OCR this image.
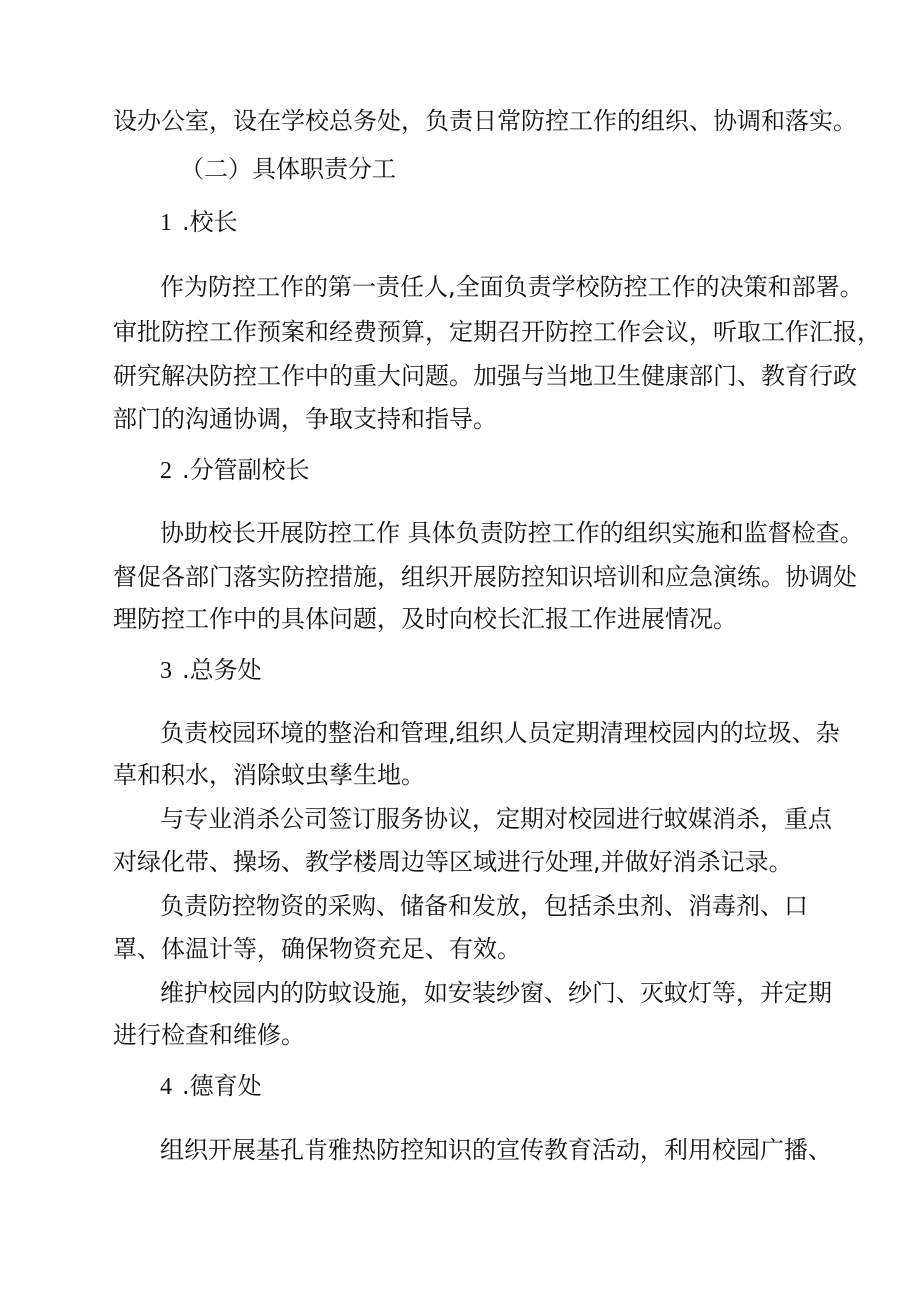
设办公室，设在学校总务处，负责日常防控工作的组织、协调和落实。
（二）具体职责分工
1 .校长
作为防控工作的第一责任人,全面负责学校防控工作的决策和部署。
审批防控工作预案和经费预算，定期召开防控工作会议，听取工作汇报，
研究解决防控工作中的重大问题。加强与当地卫生健康部门、教育行政
部门的沟通协调，争取支持和指导。
2 .分管副校长
协助校长开展防控工作 具体负责防控工作的组织实施和监督检查。
督促各部门落实防控措施，组织开展防控知识培训和应急演练。协调处
理防控工作中的具体问题，及时向校长汇报工作进展情况。
3 .总务处
负责校园环境的整治和管理,组织人员定期清理校园内的垃圾、杂
草和积水，消除蚊虫孳生地。
与专业消杀公司签订服务协议，定期对校园进行蚊媒消杀，重点
对绿化带、操场、教学楼周边等区域进行处理,并做好消杀记录。
负责防控物资的采购、储备和发放，包括杀虫剂、消毒剂、口
罩、体温计等，确保物资充足、有效。
维护校园内的防蚊设施，如安装纱窗、纱门、灭蚊灯等，并定期
进行检查和维修。
4 .德育处
组织开展基孔肯雅热防控知识的宣传教育活动，利用校园广播、
